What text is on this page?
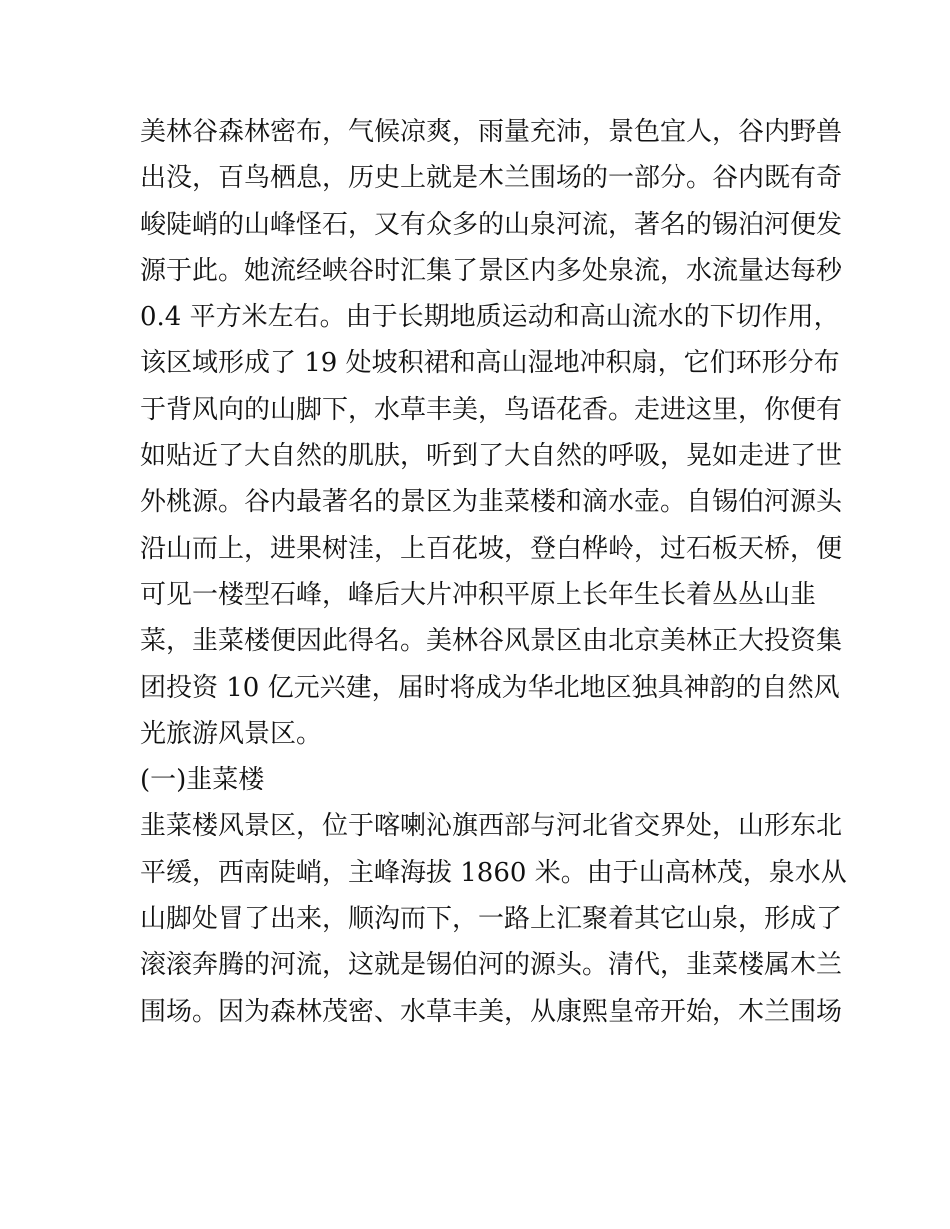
美林谷森林密布，气候凉爽，雨量充沛，景色宜人，谷内野兽
出没，百鸟栖息，历史上就是木兰围场的一部分。谷内既有奇
峻陡峭的山峰怪石，又有众多的山泉河流，著名的锡泊河便发
源于此。她流经峡谷时汇集了景区内多处泉流，水流量达每秒
0.4 平方米左右。由于长期地质运动和高山流水的下切作用，
该区域形成了 19 处坡积裙和高山湿地冲积扇，它们环形分布
于背风向的山脚下，水草丰美，鸟语花香。走进这里，你便有
如贴近了大自然的肌肤，听到了大自然的呼吸，晃如走进了世
外桃源。谷内最著名的景区为韭菜楼和滴水壶。自锡伯河源头
沿山而上，进果树洼，上百花坡，登白桦岭，过石板天桥，便
可见一楼型石峰，峰后大片冲积平原上长年生长着丛丛山韭
菜，韭菜楼便因此得名。美林谷风景区由北京美林正大投资集
团投资 10 亿元兴建，届时将成为华北地区独具神韵的自然风
光旅游风景区。
(一)韭菜楼
韭菜楼风景区，位于喀喇沁旗西部与河北省交界处，山形东北
平缓，西南陡峭，主峰海拔 1860 米。由于山高林茂，泉水从
山脚处冒了出来，顺沟而下，一路上汇聚着其它山泉，形成了
滚滚奔腾的河流，这就是锡伯河的源头。清代，韭菜楼属木兰
围场。因为森林茂密、水草丰美，从康熙皇帝开始，木兰围场
